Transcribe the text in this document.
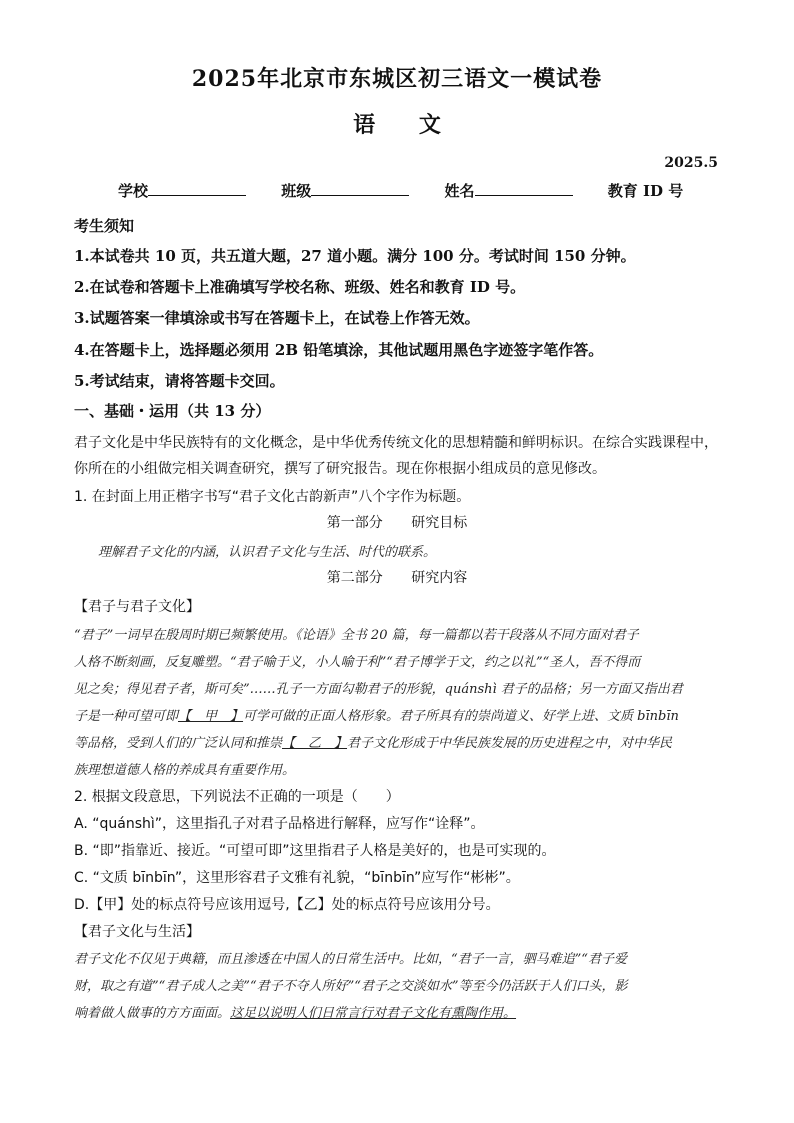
2025年北京市东城区初三语文一模试卷
语 文
2025.5
学校	班级	姓名	教育 ID 号
考生须知
1.本试卷共 10 页，共五道大题，27 道小题。满分 100 分。考试时间 150 分钟。
2.在试卷和答题卡上准确填写学校名称、班级、姓名和教育 ID 号。
3.试题答案一律填涂或书写在答题卡上，在试卷上作答无效。
4.在答题卡上，选择题必须用 2B 铅笔填涂，其他试题用黑色字迹签字笔作答。
5.考试结束，请将答题卡交回。
一、基础・运用（共 13 分）
君子文化是中华民族特有的文化概念，是中华优秀传统文化的思想精髓和鲜明标识。在综合实践课程中，
你所在的小组做完相关调查研究，撰写了研究报告。现在你根据小组成员的意见修改。
1. 在封面上用正楷字书写“君子文化古韵新声”八个字作为标题。
第一部分 研究目标
理解君子文化的内涵，认识君子文化与生活、时代的联系。
第二部分 研究内容
【君子与君子文化】
“君子”一词早在殷周时期已频繁使用。《论语》全书 20 篇，每一篇都以若干段落从不同方面对君子
人格不断刻画，反复雕塑。“君子喻于义，小人喻于利”“君子博学于文，约之以礼”“圣人，吾不得而
见之矣；得见君子者，斯可矣”……孔子一方面勾勒君子的形貌，quánshì 君子的品格；另一方面又指出君
子是一种可望可即【　甲　】可学可做的正面人格形象。君子所具有的崇尚道义、好学上进、文质 bīnbīn
等品格，受到人们的广泛认同和推崇【　乙　】君子文化形成于中华民族发展的历史进程之中，对中华民
族理想道德人格的养成具有重要作用。
2. 根据文段意思，下列说法不正确的一项是（　　）
A. “quánshì”，这里指孔子对君子品格进行解释，应写作“诠释”。
B. “即”指靠近、接近。“可望可即”这里指君子人格是美好的，也是可实现的。
C. “文质 bīnbīn”，这里形容君子文雅有礼貌，“bīnbīn”应写作“彬彬”。
D.【甲】处的标点符号应该用逗号,【乙】处的标点符号应该用分号。
【君子文化与生活】
君子文化不仅见于典籍，而且渗透在中国人的日常生活中。比如，“君子一言，驷马难追”“君子爱
财，取之有道”“君子成人之美”“君子不夺人所好”“君子之交淡如水”等至今仍活跃于人们口头，影
响着做人做事的方方面面。这足以说明人们日常言行对君子文化有熏陶作用。
